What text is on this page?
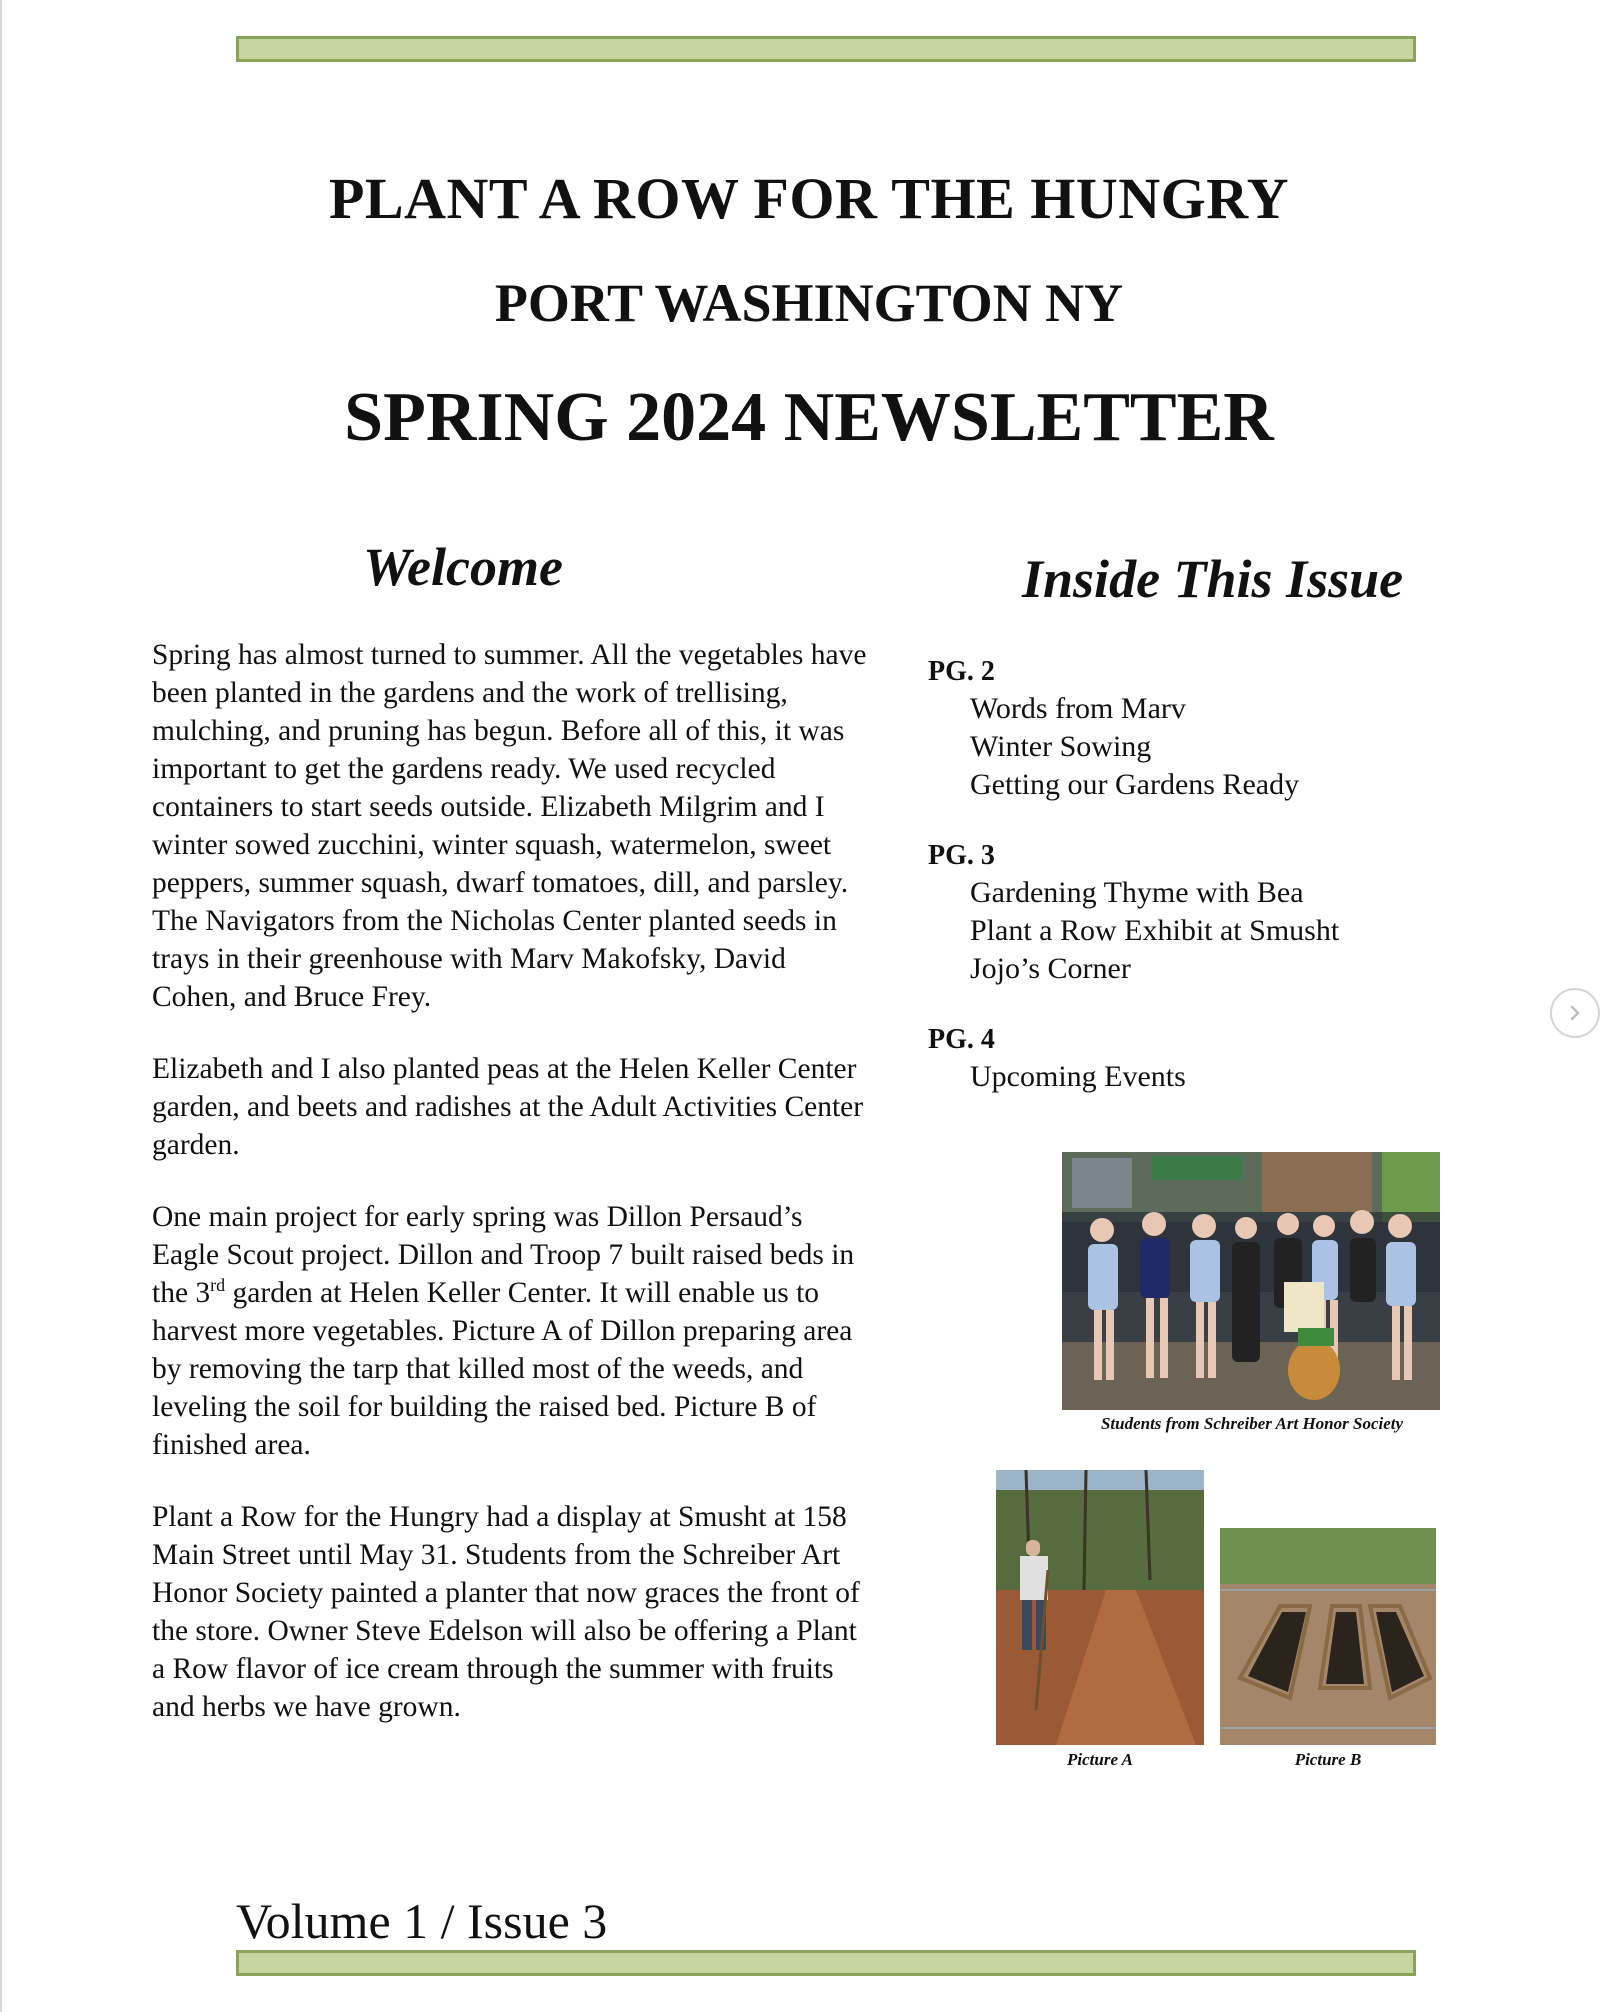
PLANT A ROW FOR THE HUNGRY
PORT WASHINGTON NY
SPRING 2024 NEWSLETTER
Welcome	Inside This Issue

Spring has almost turned to summer. All the vegetables have been planted in the gardens and the work of trellising, mulching, and pruning has begun. Before all of this, it was important to get the gardens ready. We used recycled containers to start seeds outside. Elizabeth Milgrim and I winter sowed zucchini, winter squash, watermelon, sweet peppers, summer squash, dwarf tomatoes, dill, and parsley. The Navigators from the Nicholas Center planted seeds in trays in their greenhouse with Marv Makofsky, David Cohen, and Bruce Frey.

Elizabeth and I also planted peas at the Helen Keller Center garden, and beets and radishes at the Adult Activities Center garden.

One main project for early spring was Dillon Persaud’s Eagle Scout project. Dillon and Troop 7 built raised beds in the 3rd garden at Helen Keller Center. It will enable us to harvest more vegetables. Picture A of Dillon preparing area by removing the tarp that killed most of the weeds, and leveling the soil for building the raised bed. Picture B of finished area.

Plant a Row for the Hungry had a display at Smusht at 158 Main Street until May 31. Students from the Schreiber Art Honor Society painted a planter that now graces the front of the store. Owner Steve Edelson will also be offering a Plant a Row flavor of ice cream through the summer with fruits and herbs we have grown.

PG. 2
Words from Marv
Winter Sowing
Getting our Gardens Ready
PG. 3
Gardening Thyme with Bea
Plant a Row Exhibit at Smusht
Jojo’s Corner
PG. 4
Upcoming Events
Students from Schreiber Art Honor Society
Picture A	Picture B
Volume 1 / Issue 3
